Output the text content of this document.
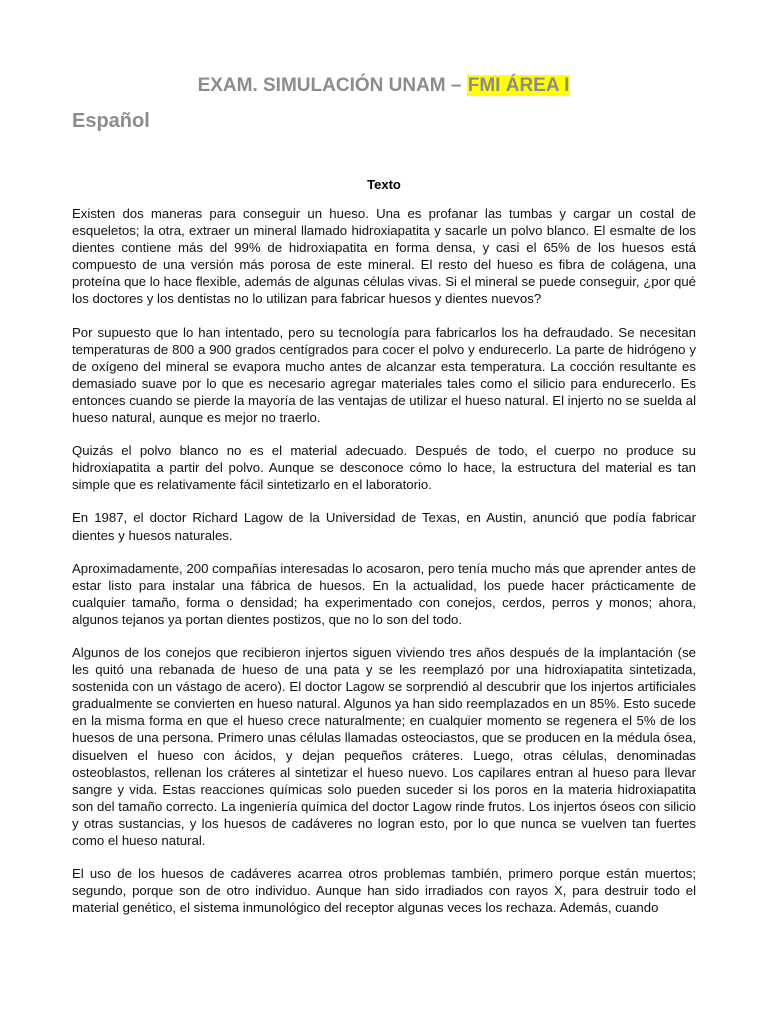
EXAM. SIMULACIÓN UNAM – FMI ÁREA I
Español
Texto

Existen dos maneras para conseguir un hueso. Una es profanar las tumbas y cargar un costal de esqueletos; la otra, extraer un mineral llamado hidroxiapatita y sacarle un polvo blanco. El esmalte de los dientes contiene más del 99% de hidroxiapatita en forma densa, y casi el 65% de los huesos está compuesto de una versión más porosa de este mineral. El resto del hueso es fibra de colágena, una proteína que lo hace flexible, además de algunas células vivas. Si el mineral se puede conseguir, ¿por qué los doctores y los dentistas no lo utilizan para fabricar huesos y dientes nuevos?

Por supuesto que lo han intentado, pero su tecnología para fabricarlos los ha defraudado. Se necesitan temperaturas de 800 a 900 grados centígrados para cocer el polvo y endurecerlo. La parte de hidrógeno y de oxígeno del mineral se evapora mucho antes de alcanzar esta temperatura. La cocción resultante es demasiado suave por lo que es necesario agregar materiales tales como el silicio para endurecerlo. Es entonces cuando se pierde la mayoría de las ventajas de utilizar el hueso natural. El injerto no se suelda al hueso natural, aunque es mejor no traerlo.

Quizás el polvo blanco no es el material adecuado. Después de todo, el cuerpo no produce su hidroxiapatita a partir del polvo. Aunque se desconoce cómo lo hace, la estructura del material es tan simple que es relativamente fácil sintetizarlo en el laboratorio.

En 1987, el doctor Richard Lagow de la Universidad de Texas, en Austin, anunció que podía fabricar dientes y huesos naturales.

Aproximadamente, 200 compañías interesadas lo acosaron, pero tenía mucho más que aprender antes de estar listo para instalar una fábrica de huesos. En la actualidad, los puede hacer prácticamente de cualquier tamaño, forma o densidad; ha experimentado con conejos, cerdos, perros y monos; ahora, algunos tejanos ya portan dientes postizos, que no lo son del todo.

Algunos de los conejos que recibieron injertos siguen viviendo tres años después de la implantación (se les quitó una rebanada de hueso de una pata y se les reemplazó por una hidroxiapatita sintetizada, sostenida con un vástago de acero). El doctor Lagow se sorprendió al descubrir que los injertos artificiales gradualmente se convierten en hueso natural. Algunos ya han sido reemplazados en un 85%. Esto sucede en la misma forma en que el hueso crece naturalmente; en cualquier momento se regenera el 5% de los huesos de una persona. Primero unas células llamadas osteociastos, que se producen en la médula ósea, disuelven el hueso con ácidos, y dejan pequeños cráteres. Luego, otras células, denominadas osteoblastos, rellenan los cráteres al sintetizar el hueso nuevo. Los capilares entran al hueso para llevar sangre y vida. Estas reacciones químicas solo pueden suceder si los poros en la materia hidroxiapatita son del tamaño correcto. La ingeniería química del doctor Lagow rinde frutos. Los injertos óseos con silicio y otras sustancias, y los huesos de cadáveres no logran esto, por lo que nunca se vuelven tan fuertes como el hueso natural.

El uso de los huesos de cadáveres acarrea otros problemas también, primero porque están muertos; segundo, porque son de otro individuo. Aunque han sido irradiados con rayos X, para destruir todo el material genético, el sistema inmunológico del receptor algunas veces los rechaza. Además, cuando
